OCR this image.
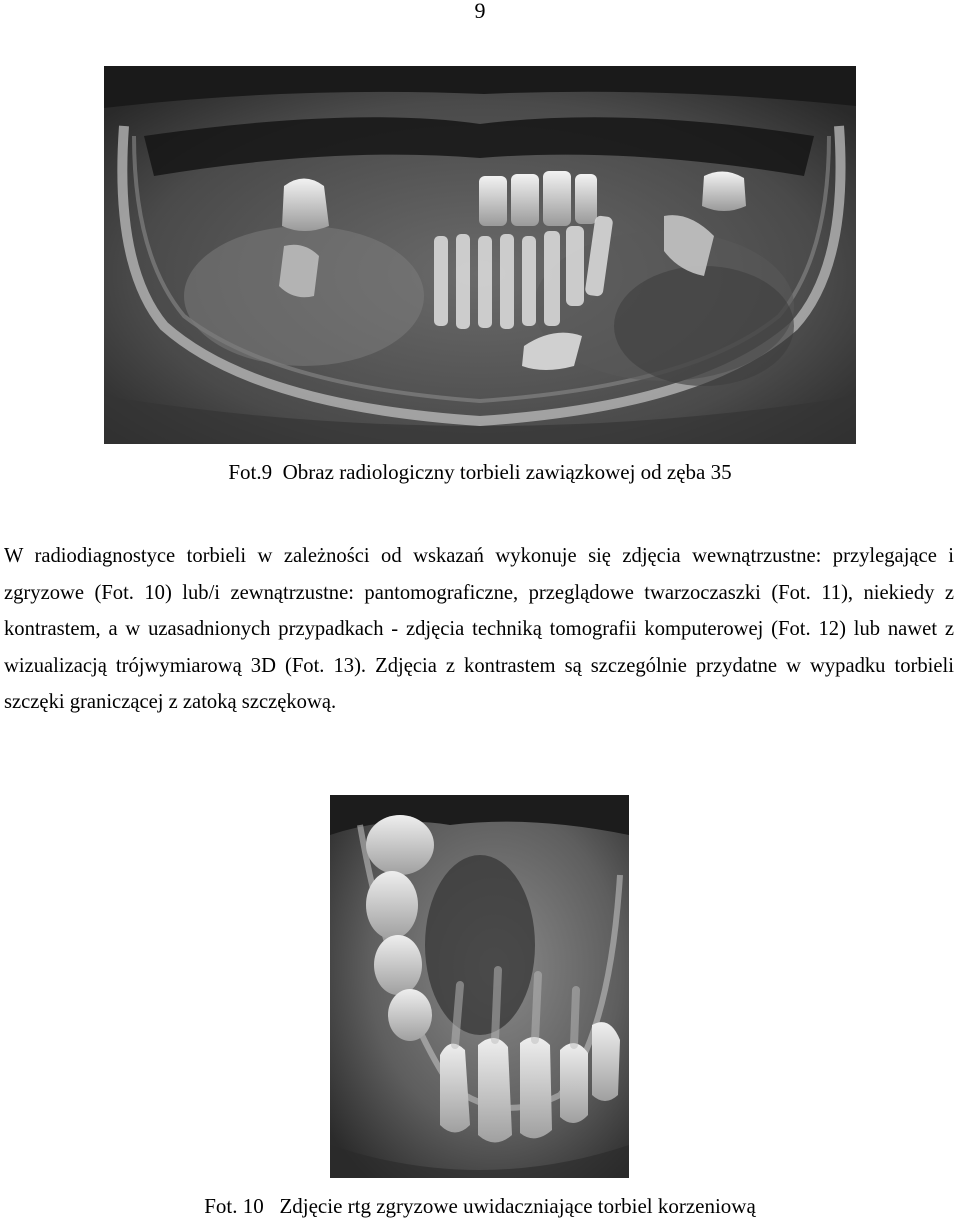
9
Fot.9 Obraz radiologiczny torbieli zawiązkowej od zęba 35

W radiodiagnostyce torbieli w zależności od wskazań wykonuje się zdjęcia wewnątrzustne: przylegające i zgryzowe (Fot. 10) lub/i zewnątrzustne: pantomograficzne, przeglądowe twarzoczaszki (Fot. 11), niekiedy z kontrastem, a w uzasadnionych przypadkach - zdjęcia techniką tomografii komputerowej (Fot. 12) lub nawet z wizualizacją trójwymiarową 3D (Fot. 13). Zdjęcia z kontrastem są szczególnie przydatne w wypadku torbieli szczęki graniczącej z zatoką szczękową.

Fot. 10 Zdjęcie rtg zgryzowe uwidaczniające torbiel korzeniową
